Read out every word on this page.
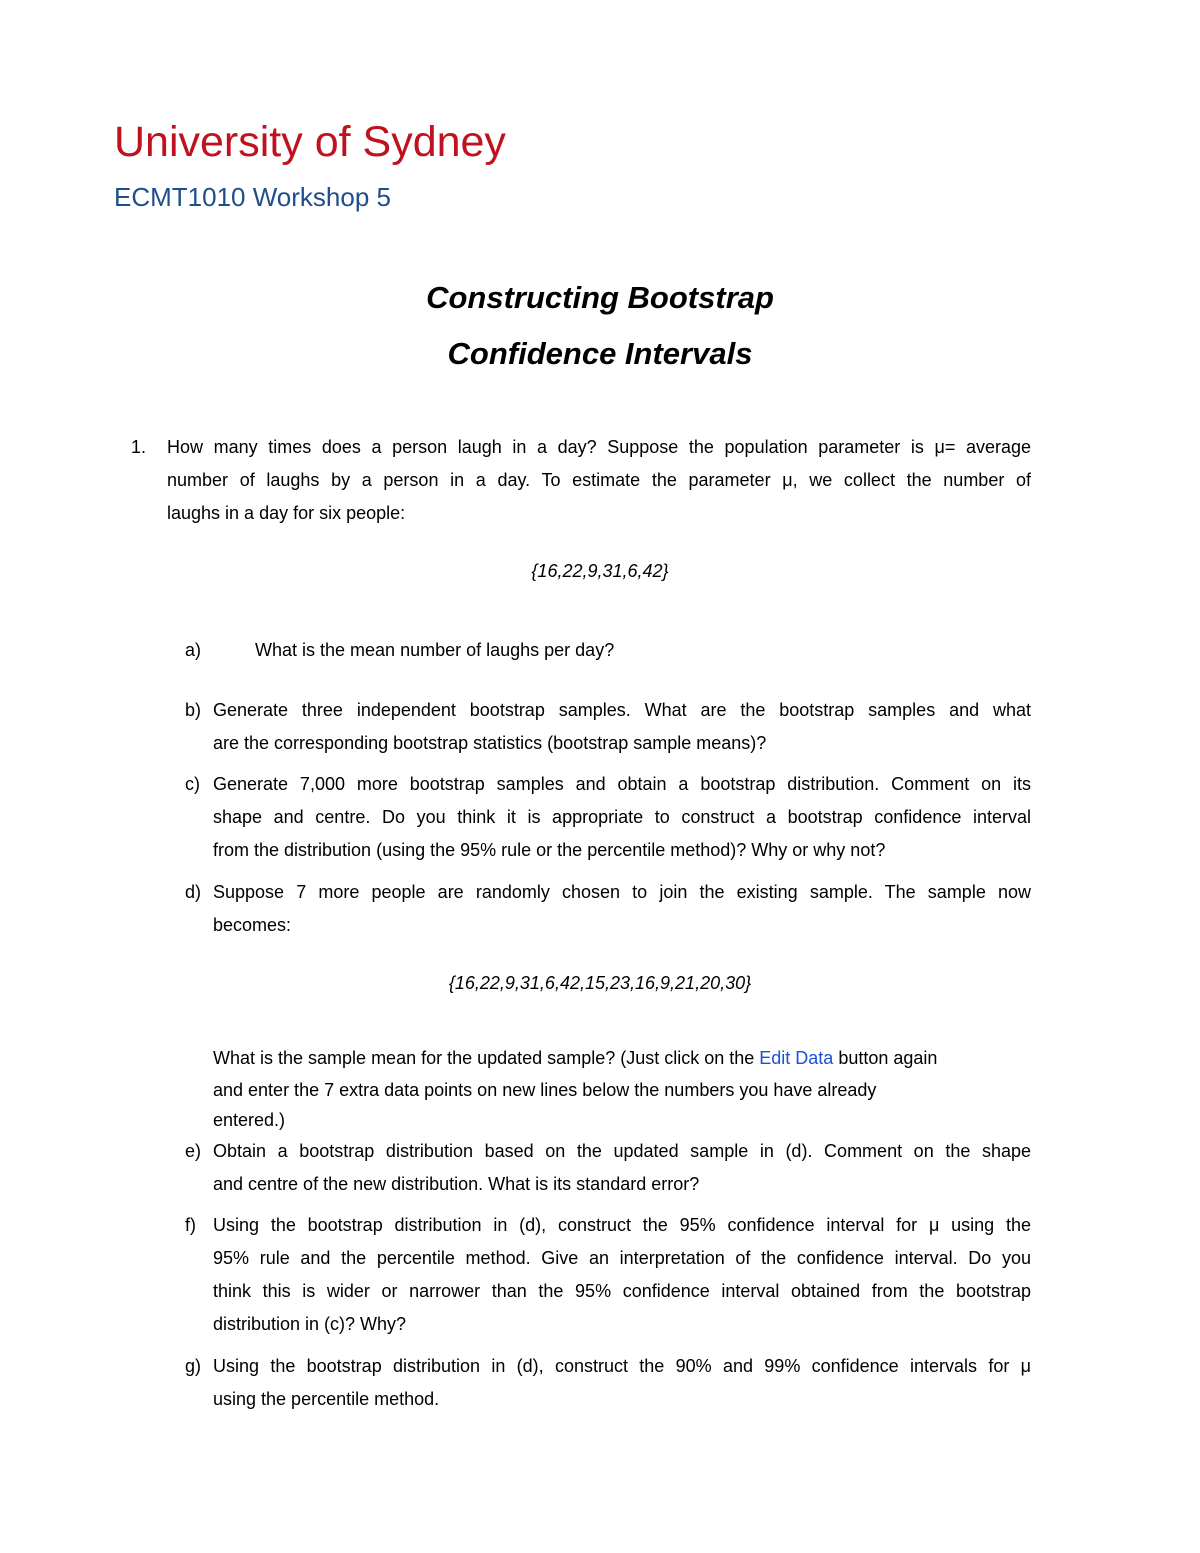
University of Sydney
ECMT1010 Workshop 5
Constructing Bootstrap
Confidence Intervals
1. How many times does a person laugh in a day? Suppose the population parameter is μ= average
number of laughs by a person in a day. To estimate the parameter μ, we collect the number of
laughs in a day for six people:
{16,22,9,31,6,42}
a)	What is the mean number of laughs per day?
b) Generate three independent bootstrap samples. What are the bootstrap samples and what
are the corresponding bootstrap statistics (bootstrap sample means)?
c) Generate 7,000 more bootstrap samples and obtain a bootstrap distribution. Comment on its
shape and centre. Do you think it is appropriate to construct a bootstrap confidence interval
from the distribution (using the 95% rule or the percentile method)? Why or why not?
d) Suppose 7 more people are randomly chosen to join the existing sample. The sample now
becomes:
{16,22,9,31,6,42,15,23,16,9,21,20,30}
What is the sample mean for the updated sample? (Just click on the Edit Data button again
and enter the 7 extra data points on new lines below the numbers you have already
entered.)
e) Obtain a bootstrap distribution based on the updated sample in (d). Comment on the shape
and centre of the new distribution. What is its standard error?
f) Using the bootstrap distribution in (d), construct the 95% confidence interval for μ using the
95% rule and the percentile method. Give an interpretation of the confidence interval. Do you
think this is wider or narrower than the 95% confidence interval obtained from the bootstrap
distribution in (c)? Why?
g) Using the bootstrap distribution in (d), construct the 90% and 99% confidence intervals for μ
using the percentile method.
